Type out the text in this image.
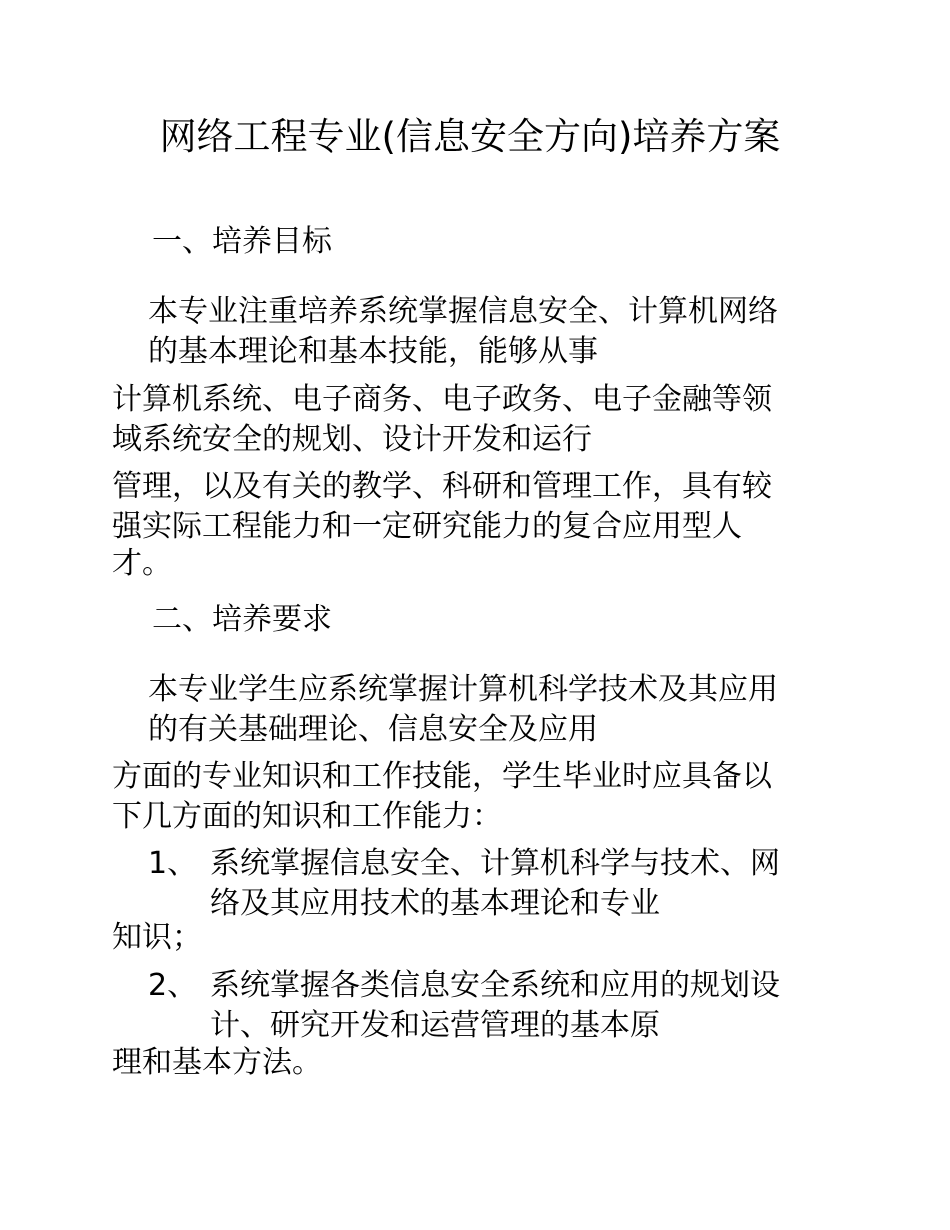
网络工程专业(信息安全方向)培养方案
一、培养目标
本专业注重培养系统掌握信息安全、计算机网络
的基本理论和基本技能，能够从事
计算机系统、电子商务、电子政务、电子金融等领
域系统安全的规划、设计开发和运行
管理，以及有关的教学、科研和管理工作，具有较
强实际工程能力和一定研究能力的复合应用型人
才。
二、培养要求
本专业学生应系统掌握计算机科学技术及其应用
的有关基础理论、信息安全及应用
方面的专业知识和工作技能，学生毕业时应具备以
下几方面的知识和工作能力：
1、 系统掌握信息安全、计算机科学与技术、网
络及其应用技术的基本理论和专业
知识；
2、 系统掌握各类信息安全系统和应用的规划设
计、研究开发和运营管理的基本原
理和基本方法。
